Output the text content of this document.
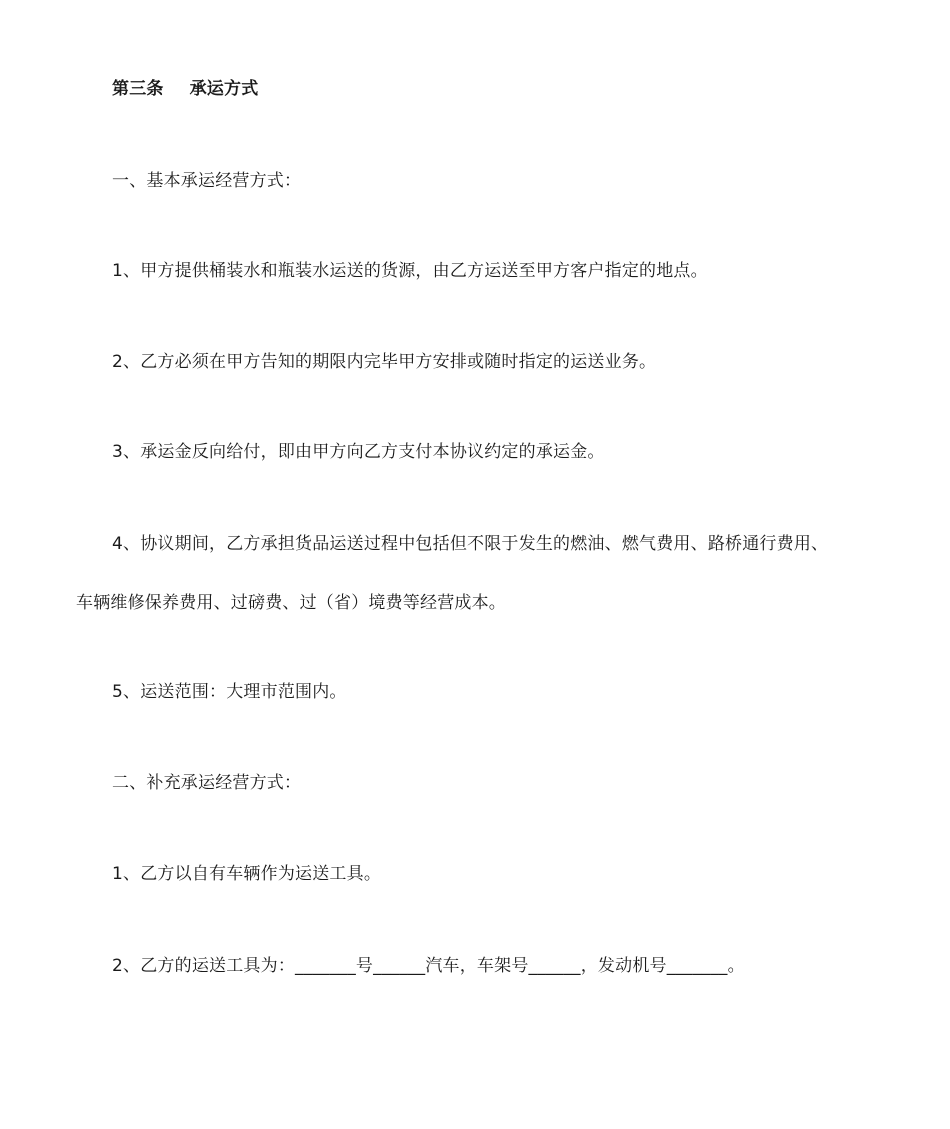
第三条 承运方式
一、基本承运经营方式：
1、甲方提供桶装水和瓶装水运送的货源，由乙方运送至甲方客户指定的地点。
2、乙方必须在甲方告知的期限内完毕甲方安排或随时指定的运送业务。
3、承运金反向给付，即由甲方向乙方支付本协议约定的承运金。
4、协议期间，乙方承担货品运送过程中包括但不限于发生的燃油、燃气费用、路桥通行费用、
车辆维修保养费用、过磅费、过（省）境费等经营成本。
5、运送范围：大理市范围内。
二、补充承运经营方式：
1、乙方以自有车辆作为运送工具。
2、乙方的运送工具为：_______号______汽车，车架号______，发动机号_______。
